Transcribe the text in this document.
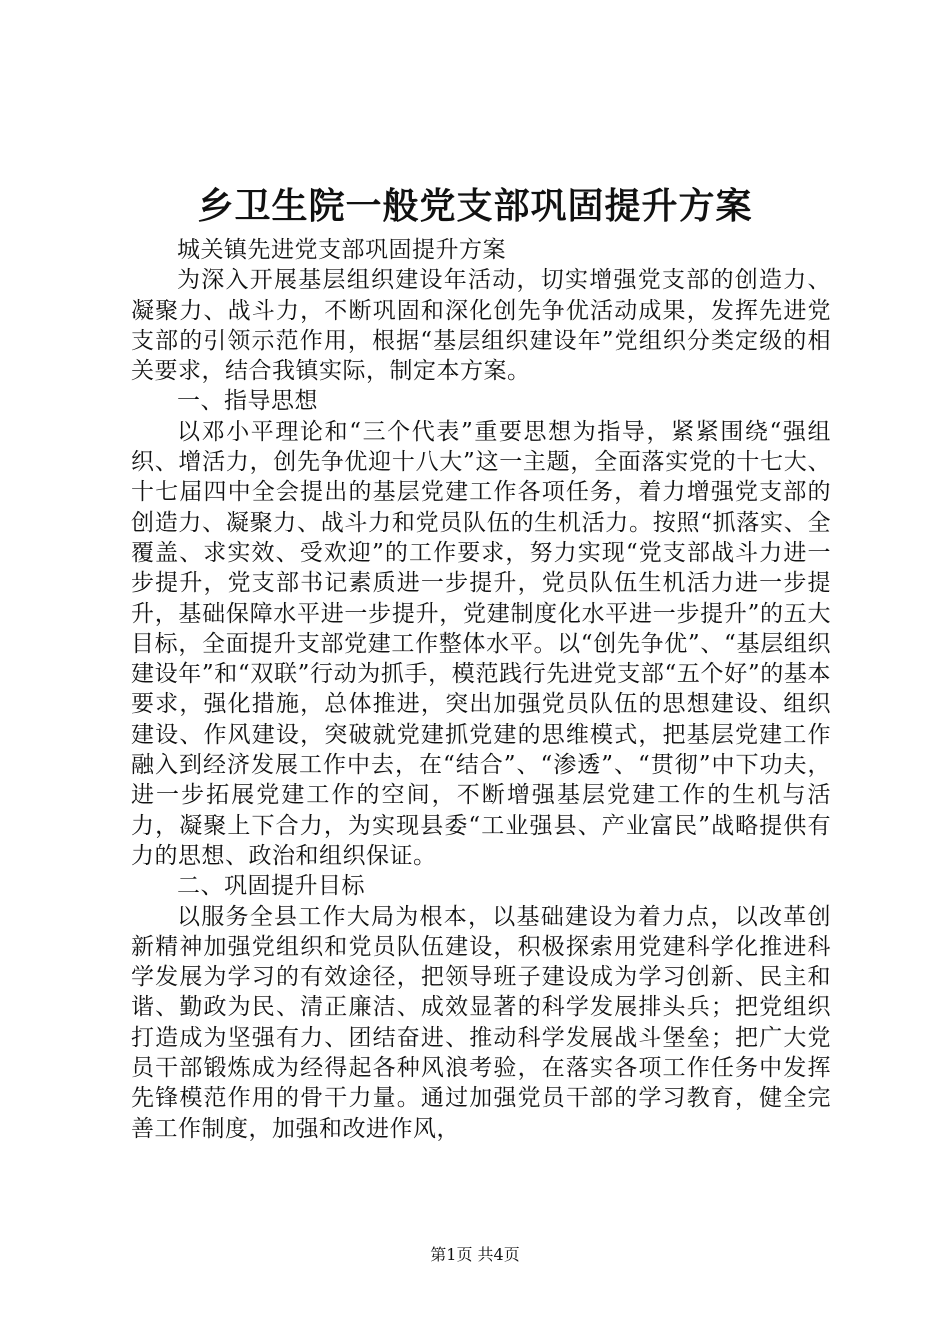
乡卫生院一般党支部巩固提升方案

城关镇先进党支部巩固提升方案

为深入开展基层组织建设年活动，切实增强党支部的创造力、凝聚力、战斗力，不断巩固和深化创先争优活动成果，发挥先进党支部的引领示范作用，根据“基层组织建设年”党组织分类定级的相关要求，结合我镇实际，制定本方案。

一、指导思想

以邓小平理论和“三个代表”重要思想为指导，紧紧围绕“强组织、增活力，创先争优迎十八大”这一主题，全面落实党的十七大、十七届四中全会提出的基层党建工作各项任务，着力增强党支部的创造力、凝聚力、战斗力和党员队伍的生机活力。按照“抓落实、全覆盖、求实效、受欢迎”的工作要求，努力实现“党支部战斗力进一步提升，党支部书记素质进一步提升，党员队伍生机活力进一步提升，基础保障水平进一步提升，党建制度化水平进一步提升”的五大目标，全面提升支部党建工作整体水平。以“创先争优”、“基层组织建设年”和“双联”行动为抓手，模范践行先进党支部“五个好”的基本要求，强化措施，总体推进，突出加强党员队伍的思想建设、组织建设、作风建设，突破就党建抓党建的思维模式，把基层党建工作融入到经济发展工作中去，在“结合”、“渗透”、“贯彻”中下功夫，进一步拓展党建工作的空间，不断增强基层党建工作的生机与活力，凝聚上下合力，为实现县委“工业强县、产业富民”战略提供有力的思想、政治和组织保证。

二、巩固提升目标

以服务全县工作大局为根本，以基础建设为着力点，以改革创新精神加强党组织和党员队伍建设，积极探索用党建科学化推进科学发展为学习的有效途径，把领导班子建设成为学习创新、民主和谐、勤政为民、清正廉洁、成效显著的科学发展排头兵；把党组织打造成为坚强有力、团结奋进、推动科学发展战斗堡垒；把广大党员干部锻炼成为经得起各种风浪考验，在落实各项工作任务中发挥先锋模范作用的骨干力量。通过加强党员干部的学习教育，健全完善工作制度，加强和改进作风，

第1页 共4页
